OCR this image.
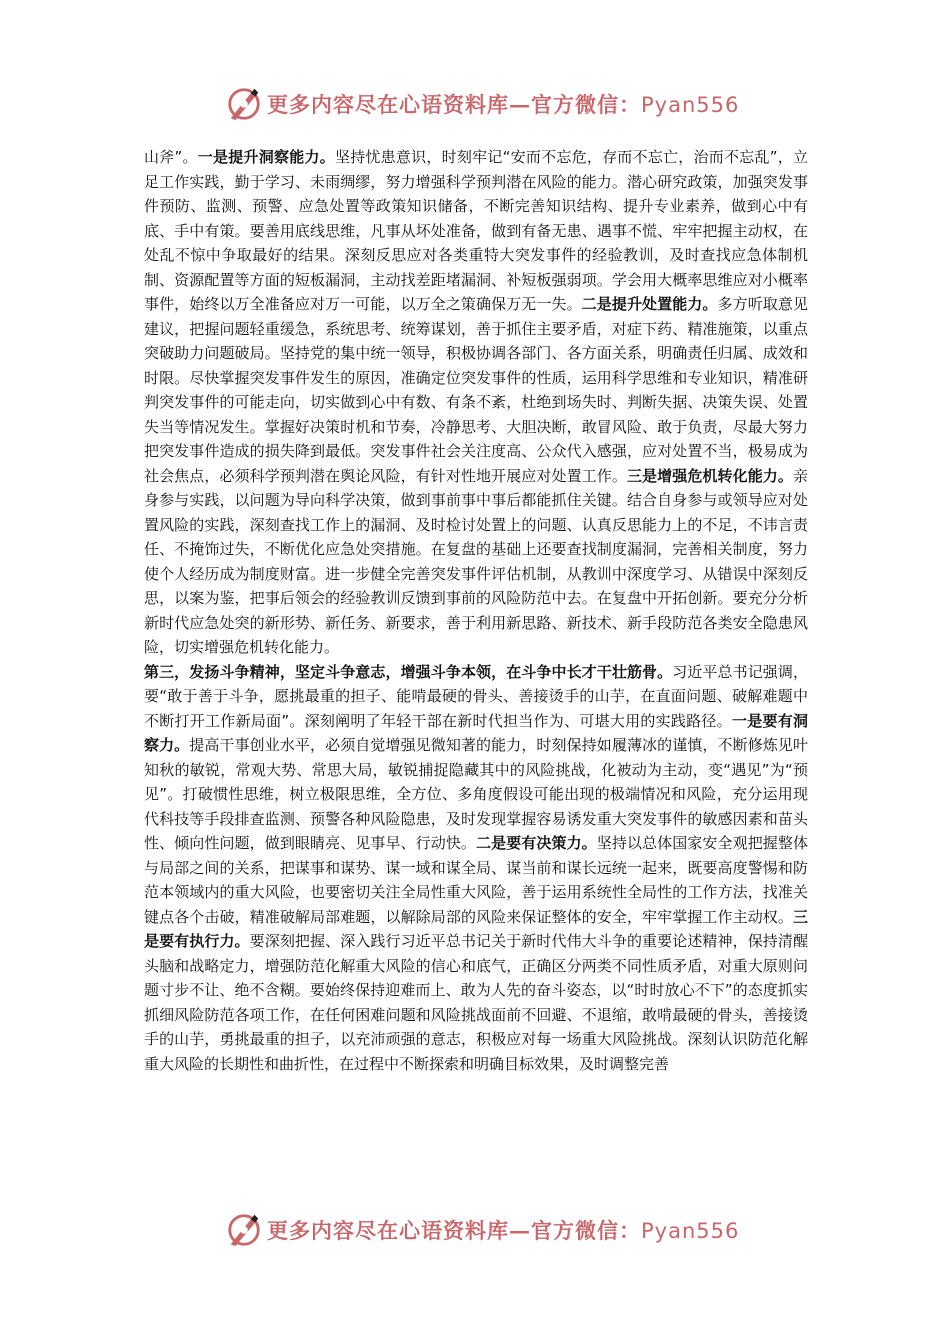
更多内容尽在心语资料库—官方微信：Pyan556

山斧”。一是提升洞察能力。坚持忧患意识，时刻牢记“安而不忘危，存而不忘亡，治而不忘乱”，立足工作实践，勤于学习、未雨绸缪，努力增强科学预判潜在风险的能力。潜心研究政策，加强突发事件预防、监测、预警、应急处置等政策知识储备，不断完善知识结构、提升专业素养，做到心中有底、手中有策。要善用底线思维，凡事从坏处准备，做到有备无患、遇事不慌、牢牢把握主动权，在处乱不惊中争取最好的结果。深刻反思应对各类重特大突发事件的经验教训，及时查找应急体制机制、资源配置等方面的短板漏洞，主动找差距堵漏洞、补短板强弱项。学会用大概率思维应对小概率事件，始终以万全准备应对万一可能，以万全之策确保万无一失。二是提升处置能力。多方听取意见建议，把握问题轻重缓急，系统思考、统筹谋划，善于抓住主要矛盾，对症下药、精准施策，以重点突破助力问题破局。坚持党的集中统一领导，积极协调各部门、各方面关系，明确责任归属、成效和时限。尽快掌握突发事件发生的原因，准确定位突发事件的性质，运用科学思维和专业知识，精准研判突发事件的可能走向，切实做到心中有数、有条不紊，杜绝到场失时、判断失据、决策失误、处置失当等情况发生。掌握好决策时机和节奏，冷静思考、大胆决断，敢冒风险、敢于负责，尽最大努力把突发事件造成的损失降到最低。突发事件社会关注度高、公众代入感强，应对处置不当，极易成为社会焦点，必须科学预判潜在舆论风险，有针对性地开展应对处置工作。三是增强危机转化能力。亲身参与实践，以问题为导向科学决策，做到事前事中事后都能抓住关键。结合自身参与或领导应对处置风险的实践，深刻查找工作上的漏洞、及时检讨处置上的问题、认真反思能力上的不足，不讳言责任、不掩饰过失，不断优化应急处突措施。在复盘的基础上还要查找制度漏洞，完善相关制度，努力使个人经历成为制度财富。进一步健全完善突发事件评估机制，从教训中深度学习、从错误中深刻反思，以案为鉴，把事后领会的经验教训反馈到事前的风险防范中去。在复盘中开拓创新。要充分分析新时代应急处突的新形势、新任务、新要求，善于利用新思路、新技术、新手段防范各类安全隐患风险，切实增强危机转化能力。

第三，发扬斗争精神，坚定斗争意志，增强斗争本领，在斗争中长才干壮筋骨。习近平总书记强调，要“敢于善于斗争，愿挑最重的担子、能啃最硬的骨头、善接烫手的山芋，在直面问题、破解难题中不断打开工作新局面”。深刻阐明了年轻干部在新时代担当作为、可堪大用的实践路径。一是要有洞察力。提高干事创业水平，必须自觉增强见微知著的能力，时刻保持如履薄冰的谨慎，不断修炼见叶知秋的敏锐，常观大势、常思大局，敏锐捕捉隐藏其中的风险挑战，化被动为主动，变“遇见”为“预见”。打破惯性思维，树立极限思维，全方位、多角度假设可能出现的极端情况和风险，充分运用现代科技等手段排查监测、预警各种风险隐患，及时发现掌握容易诱发重大突发事件的敏感因素和苗头性、倾向性问题，做到眼睛亮、见事早、行动快。二是要有决策力。坚持以总体国家安全观把握整体与局部之间的关系，把谋事和谋势、谋一域和谋全局、谋当前和谋长远统一起来，既要高度警惕和防范本领域内的重大风险，也要密切关注全局性重大风险，善于运用系统性全局性的工作方法，找准关键点各个击破，精准破解局部难题，以解除局部的风险来保证整体的安全，牢牢掌握工作主动权。三是要有执行力。要深刻把握、深入践行习近平总书记关于新时代伟大斗争的重要论述精神，保持清醒头脑和战略定力，增强防范化解重大风险的信心和底气，正确区分两类不同性质矛盾，对重大原则问题寸步不让、绝不含糊。要始终保持迎难而上、敢为人先的奋斗姿态，以“时时放心不下”的态度抓实抓细风险防范各项工作，在任何困难问题和风险挑战面前不回避、不退缩，敢啃最硬的骨头，善接烫手的山芋，勇挑最重的担子，以充沛顽强的意志，积极应对每一场重大风险挑战。深刻认识防范化解重大风险的长期性和曲折性，在过程中不断探索和明确目标效果，及时调整完善

更多内容尽在心语资料库—官方微信：Pyan556
